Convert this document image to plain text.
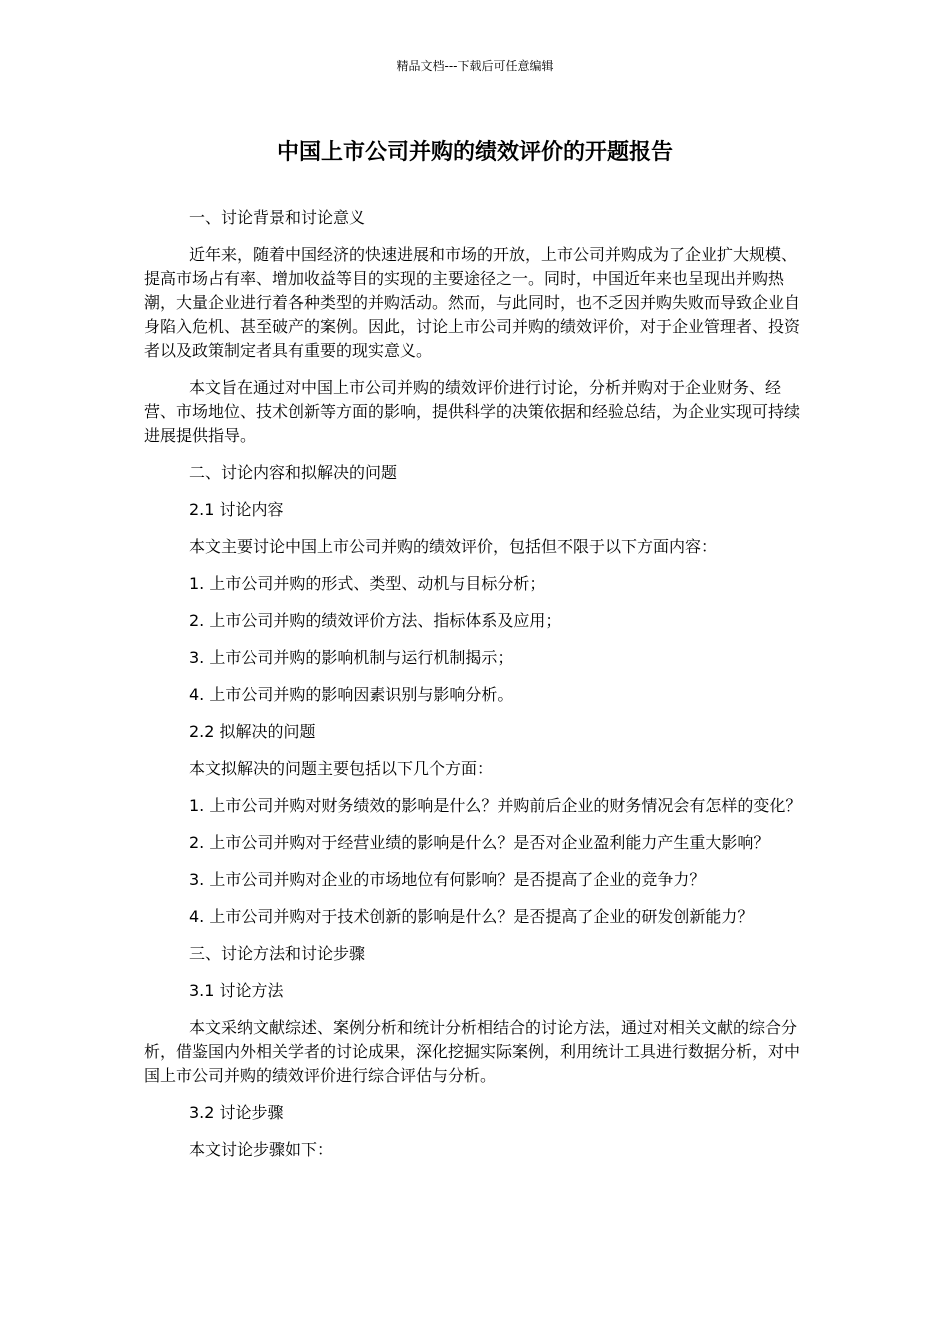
精品文档---下载后可任意编辑
中国上市公司并购的绩效评价的开题报告

一、讨论背景和讨论意义

近年来，随着中国经济的快速进展和市场的开放，上市公司并购成为了企业扩大规模、提高市场占有率、增加收益等目的实现的主要途径之一。同时，中国近年来也呈现出并购热潮，大量企业进行着各种类型的并购活动。然而，与此同时，也不乏因并购失败而导致企业自身陷入危机、甚至破产的案例。因此，讨论上市公司并购的绩效评价，对于企业管理者、投资者以及政策制定者具有重要的现实意义。

本文旨在通过对中国上市公司并购的绩效评价进行讨论，分析并购对于企业财务、经营、市场地位、技术创新等方面的影响，提供科学的决策依据和经验总结，为企业实现可持续进展提供指导。

二、讨论内容和拟解决的问题

2.1 讨论内容

本文主要讨论中国上市公司并购的绩效评价，包括但不限于以下方面内容：

1. 上市公司并购的形式、类型、动机与目标分析；

2. 上市公司并购的绩效评价方法、指标体系及应用；

3. 上市公司并购的影响机制与运行机制揭示；

4. 上市公司并购的影响因素识别与影响分析。

2.2 拟解决的问题

本文拟解决的问题主要包括以下几个方面：

1. 上市公司并购对财务绩效的影响是什么？并购前后企业的财务情况会有怎样的变化？

2. 上市公司并购对于经营业绩的影响是什么？是否对企业盈利能力产生重大影响？

3. 上市公司并购对企业的市场地位有何影响？是否提高了企业的竞争力？

4. 上市公司并购对于技术创新的影响是什么？是否提高了企业的研发创新能力？

三、讨论方法和讨论步骤

3.1 讨论方法

本文采纳文献综述、案例分析和统计分析相结合的讨论方法，通过对相关文献的综合分析，借鉴国内外相关学者的讨论成果，深化挖掘实际案例，利用统计工具进行数据分析，对中国上市公司并购的绩效评价进行综合评估与分析。

3.2 讨论步骤

本文讨论步骤如下：
